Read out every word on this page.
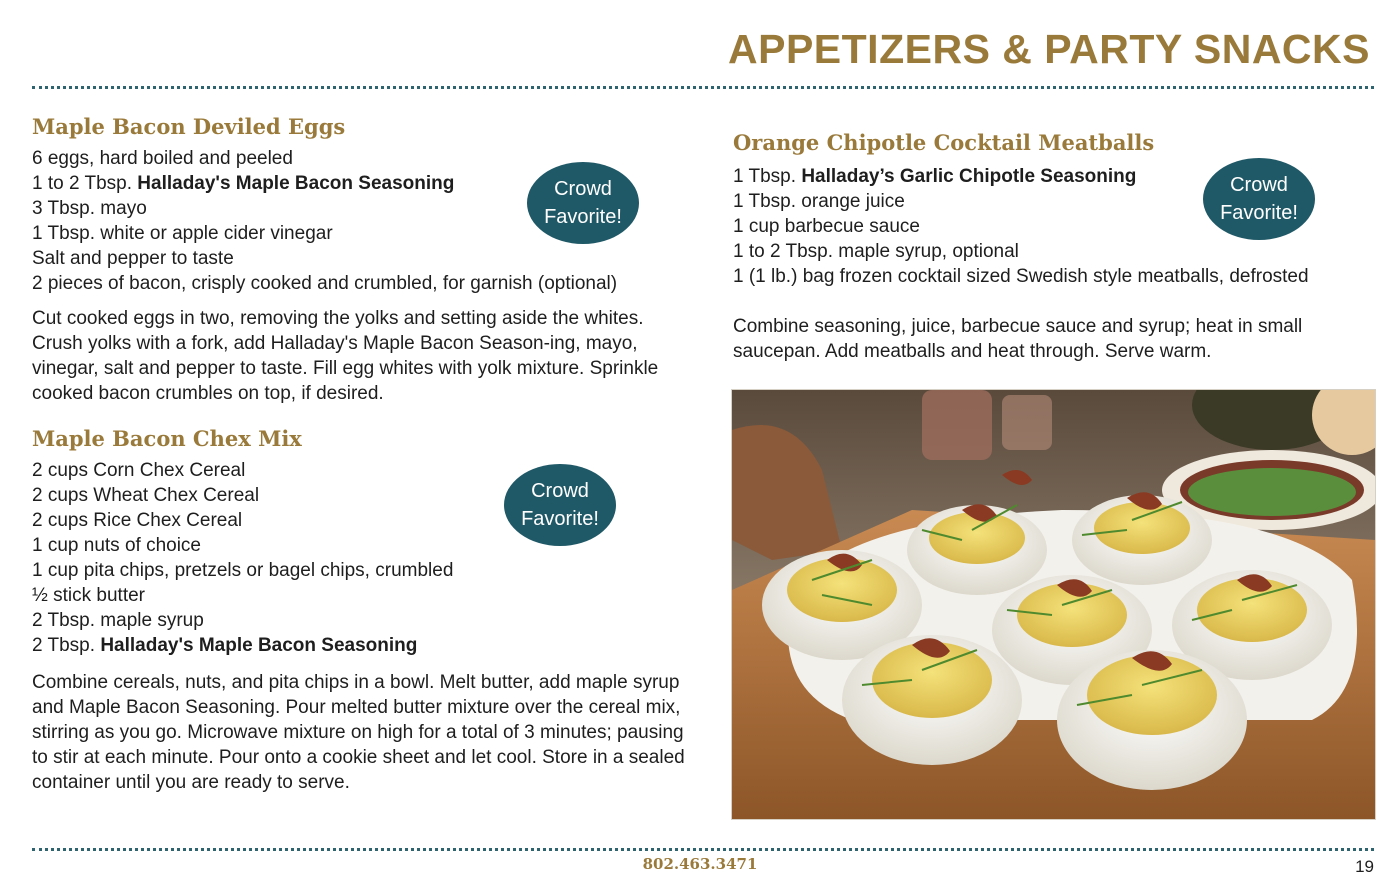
APPETIZERS & PARTY SNACKS
Maple Bacon Deviled Eggs
6 eggs, hard boiled and peeled
1 to 2 Tbsp. Halladay's Maple Bacon Seasoning
3 Tbsp. mayo
1 Tbsp. white or apple cider vinegar
Salt and pepper to taste
2 pieces of bacon, crisply cooked and crumbled, for garnish (optional)

Cut cooked eggs in two, removing the yolks and setting aside the whites. Crush yolks with a fork, add Halladay's Maple Bacon Season-ing, mayo, vinegar, salt and pepper to taste. Fill egg whites with yolk mixture. Sprinkle cooked bacon crumbles on top, if desired.

Maple Bacon Chex Mix
2 cups Corn Chex Cereal
2 cups Wheat Chex Cereal
2 cups Rice Chex Cereal
1 cup nuts of choice
1 cup pita chips, pretzels or bagel chips, crumbled
½ stick butter
2 Tbsp. maple syrup
2 Tbsp. Halladay's Maple Bacon Seasoning

Combine cereals, nuts, and pita chips in a bowl. Melt butter, add maple syrup and Maple Bacon Seasoning. Pour melted butter mixture over the cereal mix, stirring as you go. Microwave mixture on high for a total of 3 minutes; pausing to stir at each minute. Pour onto a cookie sheet and let cool. Store in a sealed container until you are ready to serve.

Crowd
Favorite!
Crowd
Favorite!
Crowd
Favorite!
Orange Chipotle Cocktail Meatballs
1 Tbsp. Halladay’s Garlic Chipotle Seasoning
1 Tbsp. orange juice
1 cup barbecue sauce
1 to 2 Tbsp. maple syrup, optional
1 (1 lb.) bag frozen cocktail sized Swedish style meatballs, defrosted

Combine seasoning, juice, barbecue sauce and syrup; heat in small saucepan. Add meatballs and heat through. Serve warm.

802.463.3471	19
